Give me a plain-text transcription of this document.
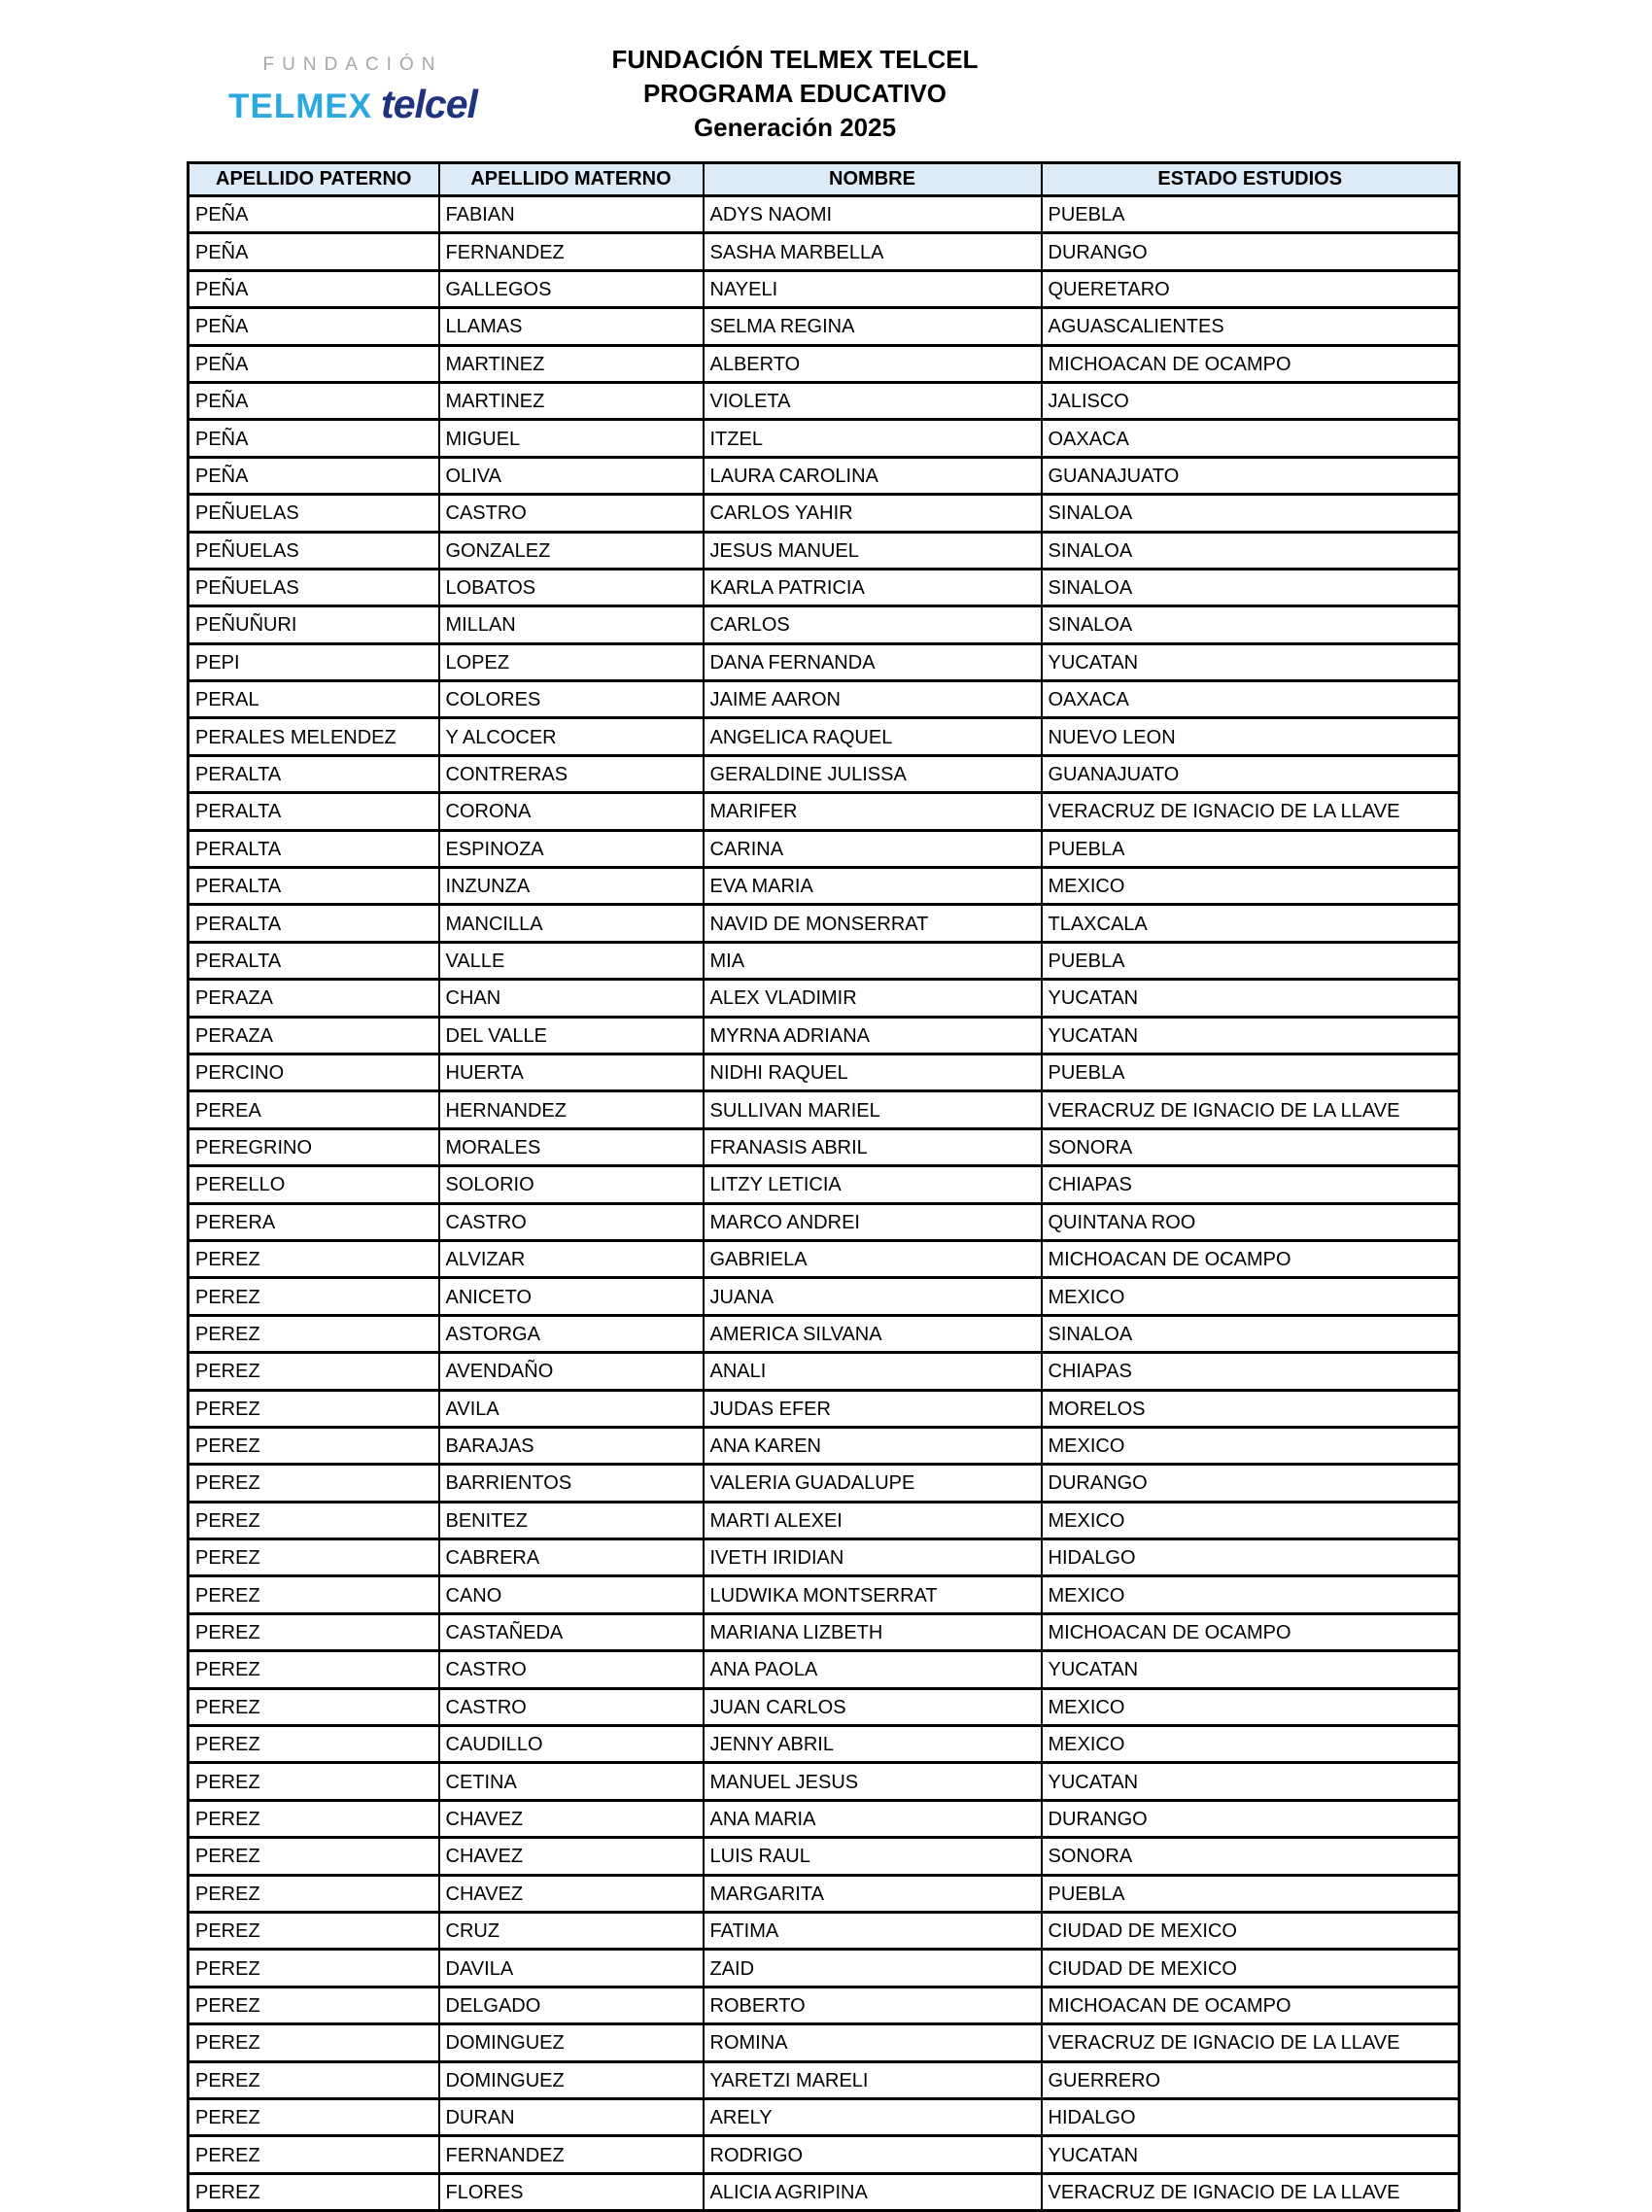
FUNDACIÓN
TELMEX telcel
FUNDACIÓN TELMEX TELCEL
PROGRAMA EDUCATIVO
Generación 2025
APELLIDO PATERNO	APELLIDO MATERNO	NOMBRE	ESTADO ESTUDIOS
PEÑA	FABIAN	ADYS NAOMI	PUEBLA
PEÑA	FERNANDEZ	SASHA MARBELLA	DURANGO
PEÑA	GALLEGOS	NAYELI	QUERETARO
PEÑA	LLAMAS	SELMA REGINA	AGUASCALIENTES
PEÑA	MARTINEZ	ALBERTO	MICHOACAN DE OCAMPO
PEÑA	MARTINEZ	VIOLETA	JALISCO
PEÑA	MIGUEL	ITZEL	OAXACA
PEÑA	OLIVA	LAURA CAROLINA	GUANAJUATO
PEÑUELAS	CASTRO	CARLOS YAHIR	SINALOA
PEÑUELAS	GONZALEZ	JESUS MANUEL	SINALOA
PEÑUELAS	LOBATOS	KARLA PATRICIA	SINALOA
PEÑUÑURI	MILLAN	CARLOS	SINALOA
PEPI	LOPEZ	DANA FERNANDA	YUCATAN
PERAL	COLORES	JAIME AARON	OAXACA
PERALES MELENDEZ	Y ALCOCER	ANGELICA RAQUEL	NUEVO LEON
PERALTA	CONTRERAS	GERALDINE JULISSA	GUANAJUATO
PERALTA	CORONA	MARIFER	VERACRUZ DE IGNACIO DE LA LLAVE
PERALTA	ESPINOZA	CARINA	PUEBLA
PERALTA	INZUNZA	EVA MARIA	MEXICO
PERALTA	MANCILLA	NAVID DE MONSERRAT	TLAXCALA
PERALTA	VALLE	MIA	PUEBLA
PERAZA	CHAN	ALEX VLADIMIR	YUCATAN
PERAZA	DEL VALLE	MYRNA ADRIANA	YUCATAN
PERCINO	HUERTA	NIDHI RAQUEL	PUEBLA
PEREA	HERNANDEZ	SULLIVAN MARIEL	VERACRUZ DE IGNACIO DE LA LLAVE
PEREGRINO	MORALES	FRANASIS ABRIL	SONORA
PERELLO	SOLORIO	LITZY LETICIA	CHIAPAS
PERERA	CASTRO	MARCO ANDREI	QUINTANA ROO
PEREZ	ALVIZAR	GABRIELA	MICHOACAN DE OCAMPO
PEREZ	ANICETO	JUANA	MEXICO
PEREZ	ASTORGA	AMERICA SILVANA	SINALOA
PEREZ	AVENDAÑO	ANALI	CHIAPAS
PEREZ	AVILA	JUDAS EFER	MORELOS
PEREZ	BARAJAS	ANA KAREN	MEXICO
PEREZ	BARRIENTOS	VALERIA GUADALUPE	DURANGO
PEREZ	BENITEZ	MARTI ALEXEI	MEXICO
PEREZ	CABRERA	IVETH IRIDIAN	HIDALGO
PEREZ	CANO	LUDWIKA MONTSERRAT	MEXICO
PEREZ	CASTAÑEDA	MARIANA LIZBETH	MICHOACAN DE OCAMPO
PEREZ	CASTRO	ANA PAOLA	YUCATAN
PEREZ	CASTRO	JUAN CARLOS	MEXICO
PEREZ	CAUDILLO	JENNY ABRIL	MEXICO
PEREZ	CETINA	MANUEL JESUS	YUCATAN
PEREZ	CHAVEZ	ANA MARIA	DURANGO
PEREZ	CHAVEZ	LUIS RAUL	SONORA
PEREZ	CHAVEZ	MARGARITA	PUEBLA
PEREZ	CRUZ	FATIMA	CIUDAD DE MEXICO
PEREZ	DAVILA	ZAID	CIUDAD DE MEXICO
PEREZ	DELGADO	ROBERTO	MICHOACAN DE OCAMPO
PEREZ	DOMINGUEZ	ROMINA	VERACRUZ DE IGNACIO DE LA LLAVE
PEREZ	DOMINGUEZ	YARETZI MARELI	GUERRERO
PEREZ	DURAN	ARELY	HIDALGO
PEREZ	FERNANDEZ	RODRIGO	YUCATAN
PEREZ	FLORES	ALICIA AGRIPINA	VERACRUZ DE IGNACIO DE LA LLAVE
